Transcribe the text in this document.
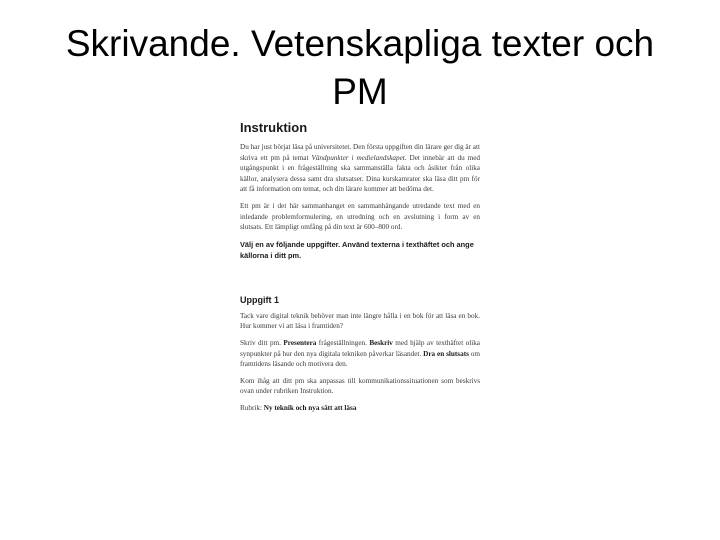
Skrivande. Vetenskapliga texter och
PM
Instruktion

Du har just börjat läsa på universitetet. Den första uppgiften din lärare ger dig är att skriva ett pm på temat Vändpunkter i medielandskapet. Det innebär att du med utgångspunkt i en frågeställning ska sammanställa fakta och åsikter från olika källor, analysera dessa samt dra slutsatser. Dina kurskamrater ska läsa ditt pm för att få information om temat, och din lärare kommer att bedöma det.

Ett pm är i det här sammanhanget en sammanhängande utredande text med en inledande problemformulering, en utredning och en avslutning i form av en slutsats. Ett lämpligt omfång på din text är 600–800 ord.

Välj en av följande uppgifter. Använd texterna i texthäftet och ange källorna i ditt pm.

Uppgift 1

Tack vare digital teknik behöver man inte längre hålla i en bok för att läsa en bok. Hur kommer vi att läsa i framtiden?

Skriv ditt pm. Presentera frågeställningen. Beskriv med hjälp av texthäftet olika synpunkter på hur den nya digitala tekniken påverkar läsandet. Dra en slutsats om framtidens läsande och motivera den.

Kom ihåg att ditt pm ska anpassas till kommunikationssituationen som beskrivs ovan under rubriken Instruktion.

Rubrik: Ny teknik och nya sätt att läsa
